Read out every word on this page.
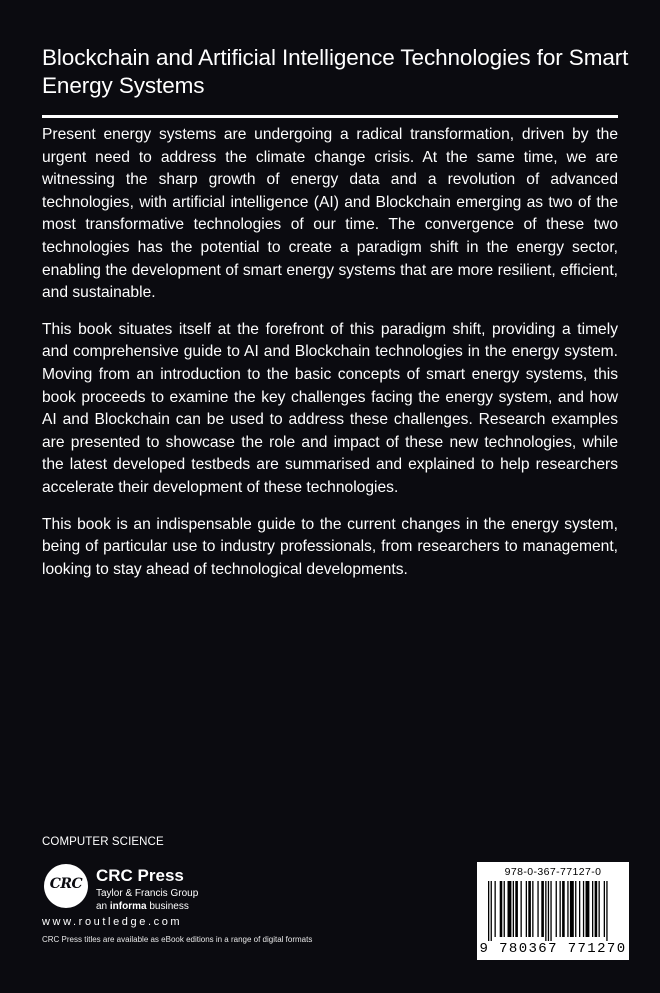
Blockchain and Artificial Intelligence Technologies for Smart Energy Systems

Present energy systems are undergoing a radical transformation, driven by the urgent need to address the climate change crisis. At the same time, we are witnessing the sharp growth of energy data and a revolution of advanced technologies, with artificial intelligence (AI) and Blockchain emerging as two of the most transformative technologies of our time. The convergence of these two technologies has the potential to create a paradigm shift in the energy sector, enabling the development of smart energy systems that are more resilient, efficient, and sustainable.

This book situates itself at the forefront of this paradigm shift, providing a timely and comprehensive guide to AI and Blockchain technologies in the energy system. Moving from an introduction to the basic concepts of smart energy systems, this book proceeds to examine the key challenges facing the energy system, and how AI and Blockchain can be used to address these challenges. Research examples are presented to showcase the role and impact of these new technologies, while the latest developed testbeds are summarised and explained to help researchers accelerate their development of these technologies.

This book is an indispensable guide to the current changes in the energy system, being of particular use to industry professionals, from researchers to management, looking to stay ahead of technological developments.

COMPUTER SCIENCE
CRC CRC Press
Taylor & Francis Group
an informa business
www.routledge.com
CRC Press titles are available as eBook editions in a range of digital formats
978-0-367-77127-0
9 780367 771270
